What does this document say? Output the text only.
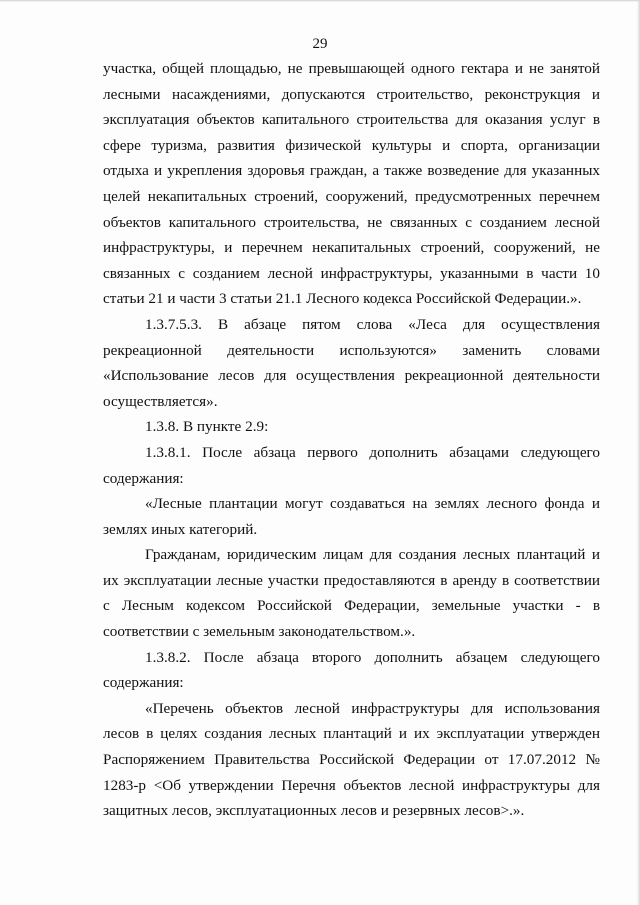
29

участка, общей площадью, не превышающей одного гектара и не занятой лесными насаждениями, допускаются строительство, реконструкция и эксплуатация объектов капитального строительства для оказания услуг в сфере туризма, развития физической культуры и спорта, организации отдыха и укрепления здоровья граждан, а также возведение для указанных целей некапитальных строений, сооружений, предусмотренных перечнем объектов капитального строительства, не связанных с созданием лесной инфраструктуры, и перечнем некапитальных строений, сооружений, не связанных с созданием лесной инфраструктуры, указанными в части 10 статьи 21 и части 3 статьи 21.1 Лесного кодекса Российской Федерации.».

1.3.7.5.3. В абзаце пятом слова «Леса для осуществления рекреационной деятельности используются» заменить словами «Использование лесов для осуществления рекреационной деятельности осуществляется».

1.3.8. В пункте 2.9:

1.3.8.1. После абзаца первого дополнить абзацами следующего содержания:

«Лесные плантации могут создаваться на землях лесного фонда и землях иных категорий.

Гражданам, юридическим лицам для создания лесных плантаций и их эксплуатации лесные участки предоставляются в аренду в соответствии с Лесным кодексом Российской Федерации, земельные участки - в соответствии с земельным законодательством.».

1.3.8.2. После абзаца второго дополнить абзацем следующего содержания:

«Перечень объектов лесной инфраструктуры для использования лесов в целях создания лесных плантаций и их эксплуатации утвержден Распоряжением Правительства Российской Федерации от 17.07.2012 № 1283-р <Об утверждении Перечня объектов лесной инфраструктуры для защитных лесов, эксплуатационных лесов и резервных лесов>.».
